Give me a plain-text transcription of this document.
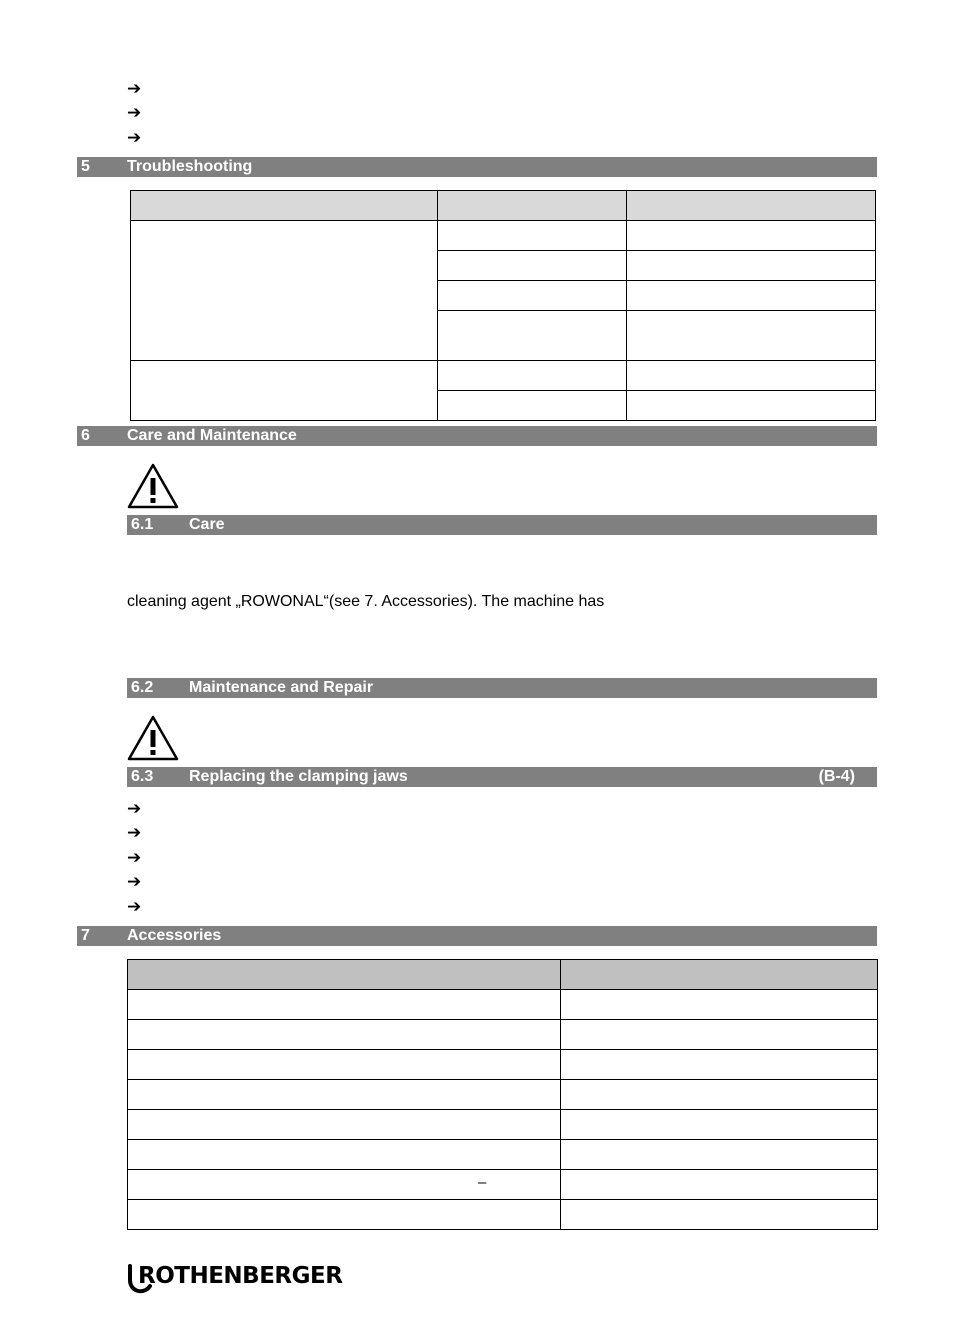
➔
➔
➔
5 Troubleshooting

6 Care and Maintenance
6.1 Care
cleaning agent „ROWONAL“(see 7. Accessories). The machine has
6.2 Maintenance and Repair
6.3 Replacing the clamping jaws	(B-4)
➔
➔
➔
➔
➔
7 Accessories

–	

ROTHENBERGER
